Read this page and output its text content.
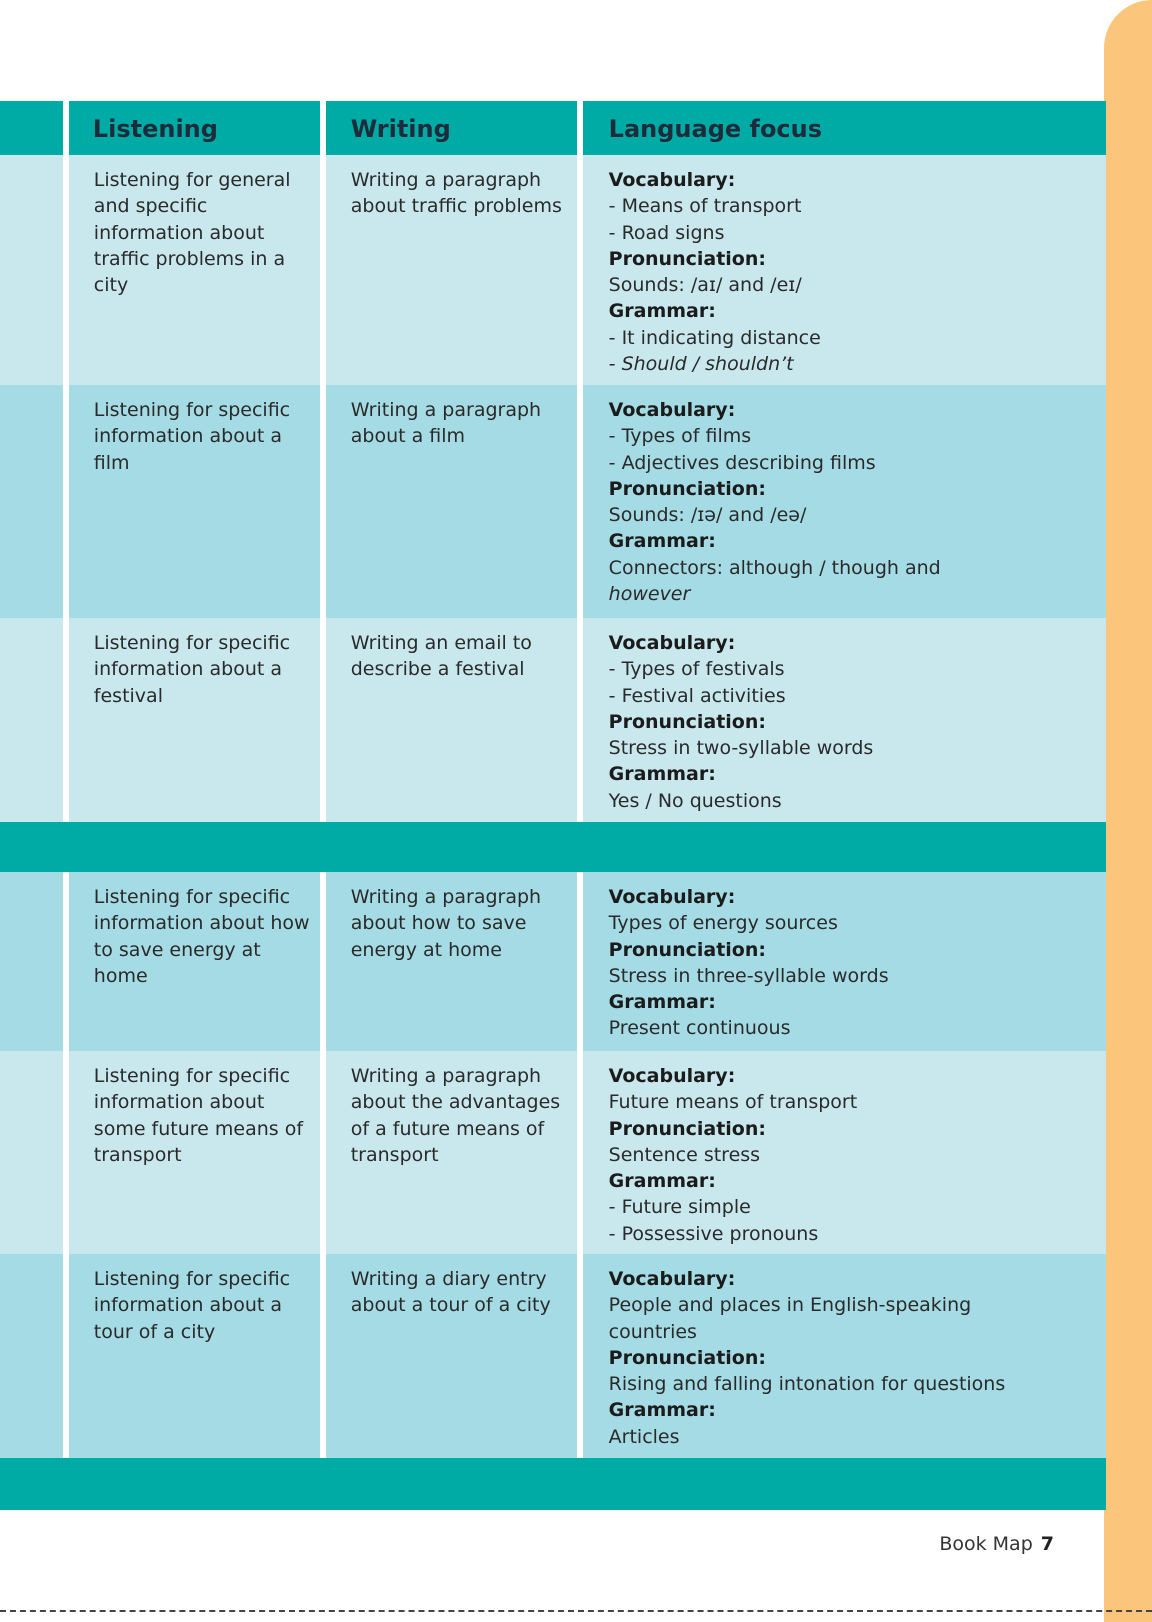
Listening	Writing	Language focus
Listening for general and specific information about traffic problems in a city
Writing a paragraph about traffic problems
Vocabulary:
- Means of transport
- Road signs
Pronunciation:
Sounds: /aɪ/ and /eɪ/
Grammar:
- It indicating distance
- Should / shouldn’t
Listening for specific information about a film
Writing a paragraph about a film
Vocabulary:
- Types of films
- Adjectives describing films
Pronunciation:
Sounds: /ɪə/ and /eə/
Grammar:
Connectors: although / though and
however
Listening for specific information about a festival
Writing an email to describe a festival
Vocabulary:
- Types of festivals
- Festival activities
Pronunciation:
Stress in two-syllable words
Grammar:
Yes / No questions
Listening for specific information about how to save energy at home
Writing a paragraph about how to save energy at home
Vocabulary:
Types of energy sources
Pronunciation:
Stress in three-syllable words
Grammar:
Present continuous
Listening for specific information about some future means of transport
Writing a paragraph about the advantages of a future means of transport
Vocabulary:
Future means of transport
Pronunciation:
Sentence stress
Grammar:
- Future simple
- Possessive pronouns
Listening for specific information about a tour of a city
Writing a diary entry about a tour of a city
Vocabulary:
People and places in English-speaking
countries
Pronunciation:
Rising and falling intonation for questions
Grammar:
Articles
Book Map 7
